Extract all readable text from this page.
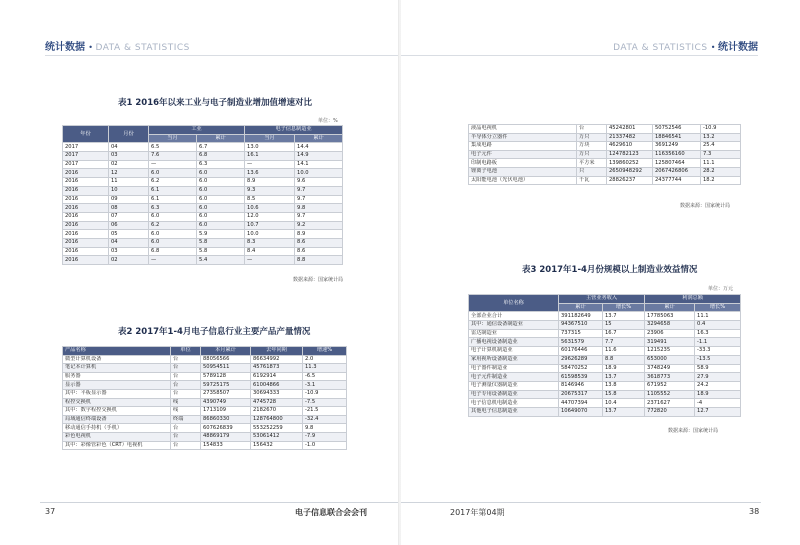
统计数据 • DATA & STATISTICS
表1 2016年以来工业与电子制造业增加值增速对比
单位：%
年份	月份	工业		电子信息制造业	
		当月	累计	当月	累计
2017	04	6.5	6.7	13.0	14.4
2017	03	7.6	6.8	16.1	14.9
2017	02	—	6.3	—	14.1
2016	12	6.0	6.0	13.6	10.0
2016	11	6.2	6.0	8.9	9.6
2016	10	6.1	6.0	9.3	9.7
2016	09	6.1	6.0	8.5	9.7
2016	08	6.3	6.0	10.6	9.8
2016	07	6.0	6.0	12.0	9.7
2016	06	6.2	6.0	10.7	9.2
2016	05	6.0	5.9	10.0	8.9
2016	04	6.0	5.8	8.3	8.6
2016	03	6.8	5.8	8.4	8.6
2016	02	—	5.4	—	8.8
数据来源：国家统计局
表2 2017年1-4月电子信息行业主要产品产量情况
产品名称	单位	本月累计	去年同期	增速%
微型计算机设备	台	88056566	86634992	2.0
笔记本计算机	台	50954511	45761873	11.3
服务器	台	5789128	6192914	-6.5
显示器	台	59725175	61004866	-3.1
其中：平板显示器	台	27358507	30694333	-10.9
程控交换机	线	4390749	4745728	-7.5
其中：数字程控交换机	线	1713109	2182670	-21.5
局域通信终端设备	终端	86860330	128764800	-32.4
移动通信手持机（手机）	台	607626839	553252259	9.8
彩色电视机	台	48869179	53061412	-7.9
其中：彩像管彩色（CRT）电视机	台	154833	156432	-1.0
37	电子信息联合会会刊
DATA & STATISTICS • 统计数据
2017年第04期	38
液晶电视机	台	45242801	50752546	-10.9
半导体分立器件	万只	21337482	18846541	13.2
集成电路	万块	4629610	3691249	25.4
电子元件	万只	124782123	116356160	7.3
印制电路板	平方米	139860252	125807464	11.1
锂离子电池	只	2650948292	2067426806	28.2
太阳能电池（光伏电池）	千瓦	28826237	24377744	18.2
数据来源：国家统计局
表3 2017年1-4月份规模以上制造业效益情况
单位：万元
单位名称	主营业务收入		利润总额	
	累计	增长%	累计	增长%
全部企业合计	391182649	13.7	17785063	11.1
其中：通信设备制造业	94367510	15	3294658	0.4
雷达制造业	737315	16.7	23906	16.3
广播电视设备制造业	5631579	7.7	319491	-1.1
电子计算机制造业	60176446	11.6	1215235	-33.3
家用视听设备制造业	29626289	8.8	653000	-13.5
电子器件制造业	58470252	18.9	3748249	58.9
电子元件制造业	61598539	13.7	3618773	27.9
电子测量仪器制造业	8146946	13.8	671952	24.2
电子专用设备制造业	20675317	15.8	1105552	18.9
电子信息机电制造业	44707394	10.4	2371627	-4
其他电子信息制造业	10649070	13.7	772820	12.7
数据来源：国家统计局
